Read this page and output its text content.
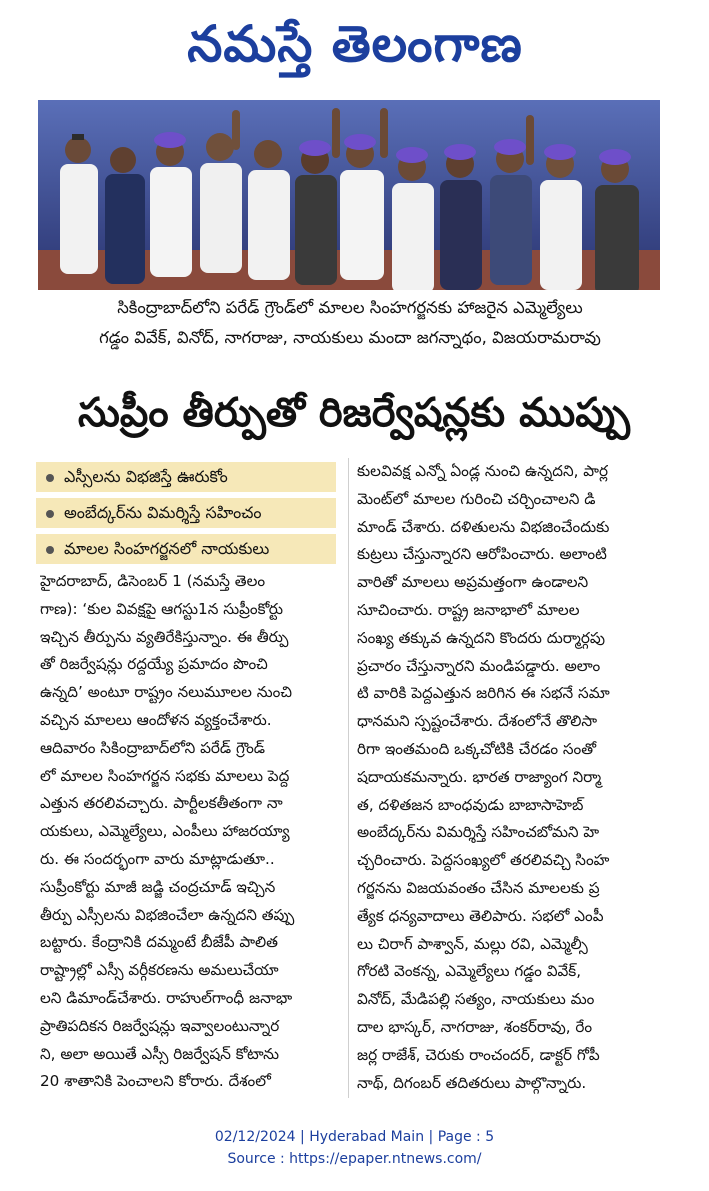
నమస్తే తెలంగాణ
సికింద్రాబాద్‌లోని పరేడ్ గ్రౌండ్‌లో మాలల సింహగర్జనకు హాజరైన ఎమ్మెల్యేలు
గడ్డం వివేక్, వినోద్, నాగరాజు, నాయకులు మందా జగన్నాథం, విజయరామరావు
సుప్రీం తీర్పుతో రిజర్వేషన్లకు ముప్పు
ఎస్సీలను విభజిస్తే ఊరుకోం
అంబేద్కర్‌ను విమర్శిస్తే సహించం
మాలల సింహగర్జనలో నాయకులు
హైదరాబాద్, డిసెంబర్ 1 (నమస్తే తెలం
గాణ): ‘కుల వివక్షపై ఆగస్టు1న సుప్రీంకోర్టు
ఇచ్చిన తీర్పును వ్యతిరేకిస్తున్నాం. ఈ తీర్పు
తో రిజర్వేషన్లు రద్దయ్యే ప్రమాదం పొంచి
ఉన్నది’ అంటూ రాష్ట్రం నలుమూలల నుంచి
వచ్చిన మాలలు ఆందోళన వ్యక్తంచేశారు.
ఆదివారం సికింద్రాబాద్‌లోని పరేడ్ గ్రౌండ్
లో మాలల సింహగర్జన సభకు మాలలు పెద్ద
ఎత్తున తరలివచ్చారు. పార్టీలకతీతంగా నా
యకులు, ఎమ్మెల్యేలు, ఎంపీలు హాజరయ్యా
రు. ఈ సందర్భంగా వారు మాట్లాడుతూ..
సుప్రీంకోర్టు మాజీ జడ్జి చంద్రచూడ్ ఇచ్చిన
తీర్పు ఎస్సీలను విభజించేలా ఉన్నదని తప్పు
బట్టారు. కేంద్రానికి దమ్మంటే బీజేపీ పాలిత
రాష్ట్రాల్లో ఎస్సీ వర్గీకరణను అమలుచేయా
లని డిమాండ్‌చేశారు. రాహుల్‌గాంధీ జనాభా
ప్రాతిపదికన రిజర్వేషన్లు ఇవ్వాలంటున్నార
ని, అలా అయితే ఎస్సీ రిజర్వేషన్ కోటాను
20 శాతానికి పెంచాలని కోరారు. దేశంలో
కులవివక్ష ఎన్నో ఏండ్ల నుంచి ఉన్నదని, పార్ల
మెంట్‌లో మాలల గురించి చర్చించాలని డి
మాండ్ చేశారు. దళితులను విభజించేందుకు
కుట్రలు చేస్తున్నారని ఆరోపించారు. అలాంటి
వారితో మాలలు అప్రమత్తంగా ఉండాలని
సూచించారు. రాష్ట్ర జనాభాలో మాలల
సంఖ్య తక్కువ ఉన్నదని కొందరు దుర్మార్గపు
ప్రచారం చేస్తున్నారని మండిపడ్డారు. అలాం
టి వారికి పెద్దఎత్తున జరిగిన ఈ సభనే సమా
ధానమని స్పష్టంచేశారు. దేశంలోనే తొలిసా
రిగా ఇంతమంది ఒక్కచోటికి చేరడం సంతో
షదాయకమన్నారు. భారత రాజ్యాంగ నిర్మా
త, దళితజన బాంధవుడు బాబాసాహెబ్
అంబేద్కర్‌ను విమర్శిస్తే సహించబోమని హె
చ్చరించారు. పెద్దసంఖ్యలో తరలివచ్చి సింహ
గర్జనను విజయవంతం చేసిన మాలలకు ప్ర
త్యేక ధన్యవాదాలు తెలిపారు. సభలో ఎంపీ
లు చిరాగ్ పాశ్వాన్, మల్లు రవి, ఎమ్మెల్సీ
గోరటి వెంకన్న, ఎమ్మెల్యేలు గడ్డం వివేక్,
వినోద్, మేడిపల్లి సత్యం, నాయకులు మం
దాల భాస్కర్, నాగరాజు, శంకర్‌రావు, రేం
జర్ల రాజేశ్, చెరుకు రాంచందర్, డాక్టర్ గోపీ
నాథ్, దిగంబర్ తదితరులు పాల్గొన్నారు.
02/12/2024 | Hyderabad Main | Page : 5
Source : https://epaper.ntnews.com/
